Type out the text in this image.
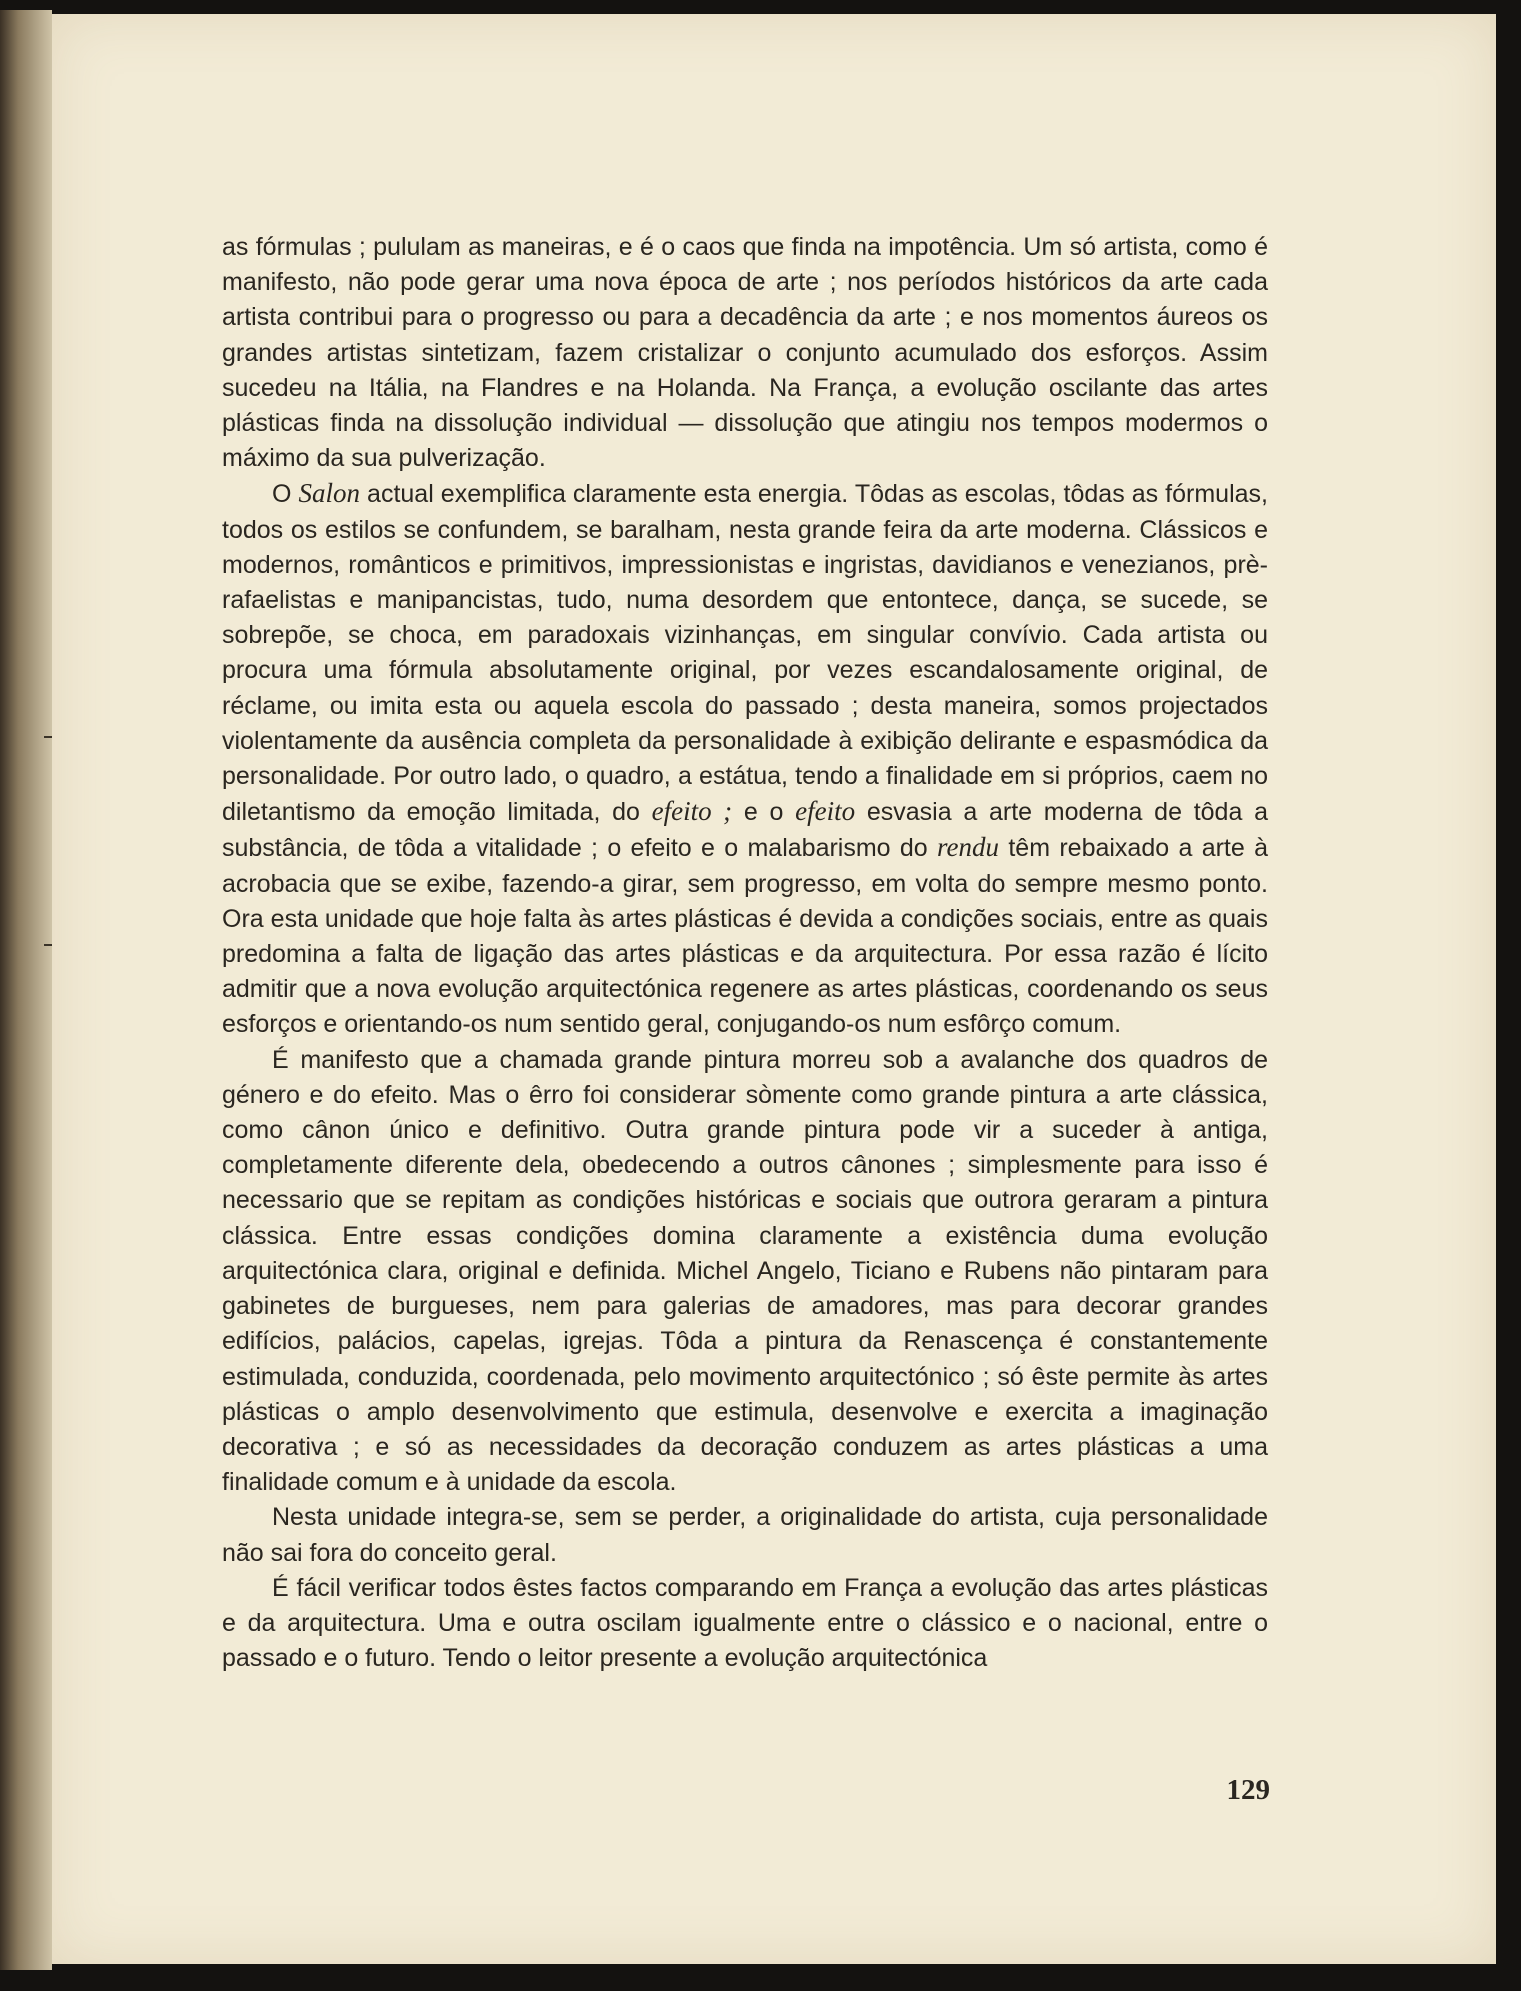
as fórmulas ; pululam as maneiras, e é o caos que finda na impotência. Um só artista, como é manifesto, não pode gerar uma nova época de arte ; nos períodos históricos da arte cada artista contribui para o progresso ou para a decadência da arte ; e nos momentos áureos os grandes artistas sintetizam, fazem cristalizar o conjunto acumulado dos esforços. Assim sucedeu na Itália, na Flandres e na Holanda. Na França, a evolução oscilante das artes plásticas finda na dissolução individual — dissolução que atingiu nos tempos modermos o máximo da sua pulverização.

O Salon actual exemplifica claramente esta energia. Tôdas as escolas, tôdas as fórmulas, todos os estilos se confundem, se baralham, nesta grande feira da arte moderna. Clássicos e modernos, românticos e primitivos, impressionistas e ingristas, davidianos e venezianos, prè-rafaelistas e manipancistas, tudo, numa desordem que entontece, dança, se sucede, se sobrepõe, se choca, em paradoxais vizinhanças, em singular convívio. Cada artista ou procura uma fórmula absolutamente original, por vezes escandalosamente original, de réclame, ou imita esta ou aquela escola do passado ; desta maneira, somos projectados violentamente da ausência completa da personalidade à exibição delirante e espasmódica da personalidade. Por outro lado, o quadro, a estátua, tendo a finalidade em si próprios, caem no diletantismo da emoção limitada, do efeito ; e o efeito esvasia a arte moderna de tôda a substância, de tôda a vitalidade ; o efeito e o malabarismo do rendu têm rebaixado a arte à acrobacia que se exibe, fazendo-a girar, sem progresso, em volta do sempre mesmo ponto. Ora esta unidade que hoje falta às artes plásticas é devida a condições sociais, entre as quais predomina a falta de ligação das artes plásticas e da arquitectura. Por essa razão é lícito admitir que a nova evolução arquitectónica regenere as artes plásticas, coordenando os seus esforços e orientando-os num sentido geral, conjugando-os num esfôrço comum.

É manifesto que a chamada grande pintura morreu sob a avalanche dos quadros de género e do efeito. Mas o êrro foi considerar sòmente como grande pintura a arte clássica, como cânon único e definitivo. Outra grande pintura pode vir a suceder à antiga, completamente diferente dela, obedecendo a outros cânones ; simplesmente para isso é necessario que se repitam as condições históricas e sociais que outrora geraram a pintura clássica. Entre essas condições domina claramente a existência duma evolução arquitectónica clara, original e definida. Michel Angelo, Ticiano e Rubens não pintaram para gabinetes de burgueses, nem para galerias de amadores, mas para decorar grandes edifícios, palácios, capelas, igrejas. Tôda a pintura da Renascença é constantemente estimulada, conduzida, coordenada, pelo movimento arquitectónico ; só êste permite às artes plásticas o amplo desenvolvimento que estimula, desenvolve e exercita a imaginação decorativa ; e só as necessidades da decoração conduzem as artes plásticas a uma finalidade comum e à unidade da escola.

Nesta unidade integra-se, sem se perder, a originalidade do artista, cuja personalidade não sai fora do conceito geral.

É fácil verificar todos êstes factos comparando em França a evolução das artes plásticas e da arquitectura. Uma e outra oscilam igualmente entre o clássico e o nacional, entre o passado e o futuro. Tendo o leitor presente a evolução arquitectónica

129
